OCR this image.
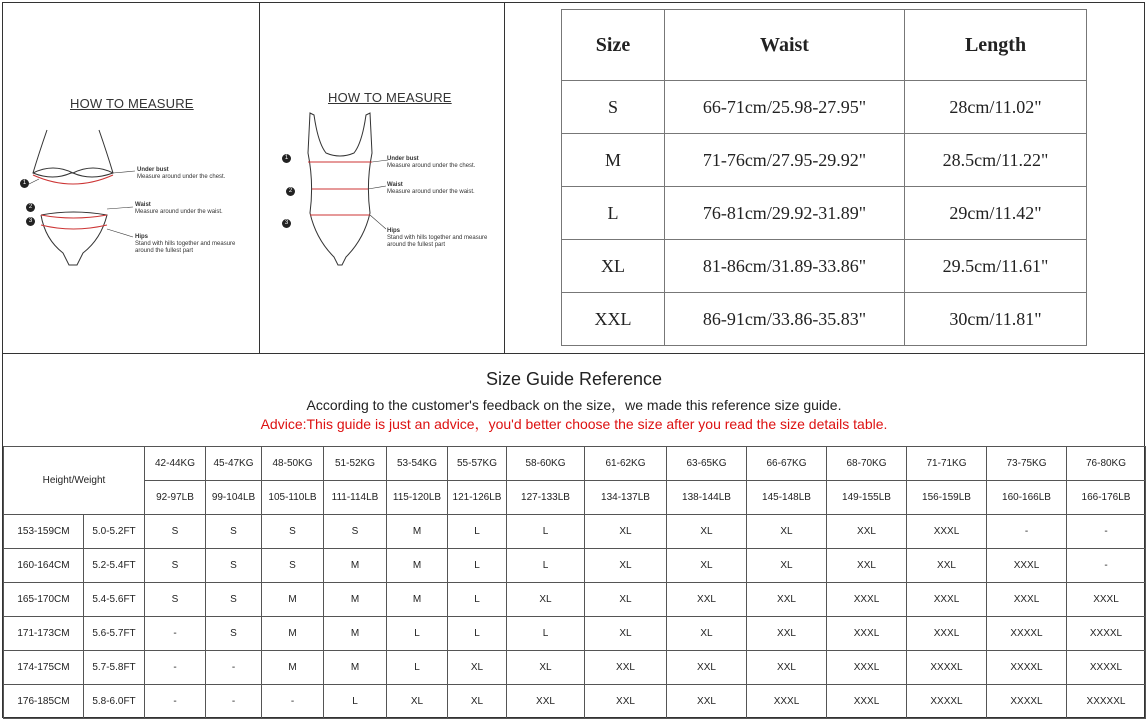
HOW TO MEASURE
1
2
3
Under bust
Measure around under the chest.
Waist
Measure around under the waist.
Hips
Stand with hills together and measure
around the fullest part
HOW TO MEASURE
1
2
3
Under bust
Measure around under the chest.
Waist
Measure around under the waist.
Hips
Stand with hills together and measure
around the fullest part
Size	Waist	Length
S	66-71cm/25.98-27.95"	28cm/11.02"
M	71-76cm/27.95-29.92"	28.5cm/11.22"
L	76-81cm/29.92-31.89"	29cm/11.42"
XL	81-86cm/31.89-33.86"	29.5cm/11.61"
XXL	86-91cm/33.86-35.83"	30cm/11.81"
Size Guide Reference
According to the customer's feedback on the size，we made this reference size guide.
Advice:This guide is just an advice，you'd better choose the size after you read the size details table.
Height/Weight		42-44KG	45-47KG	48-50KG	51-52KG	53-54KG	55-57KG	58-60KG	61-62KG	63-65KG	66-67KG	68-70KG	71-71KG	73-75KG	76-80KG
		92-97LB	99-104LB	105-110LB	111-114LB	115-120LB	121-126LB	127-133LB	134-137LB	138-144LB	145-148LB	149-155LB	156-159LB	160-166LB	166-176LB
153-159CM	5.0-5.2FT	S	S	S	S	M	L	L	XL	XL	XL	XXL	XXXL	-	-
160-164CM	5.2-5.4FT	S	S	S	M	M	L	L	XL	XL	XL	XXL	XXL	XXXL	-
165-170CM	5.4-5.6FT	S	S	M	M	M	L	XL	XL	XXL	XXL	XXXL	XXXL	XXXL	XXXL
171-173CM	5.6-5.7FT	-	S	M	M	L	L	L	XL	XL	XXL	XXXL	XXXL	XXXXL	XXXXL
174-175CM	5.7-5.8FT	-	-	M	M	L	XL	XL	XXL	XXL	XXL	XXXL	XXXXL	XXXXL	XXXXL
176-185CM	5.8-6.0FT	-	-	-	L	XL	XL	XXL	XXL	XXL	XXXL	XXXL	XXXXL	XXXXL	XXXXXL
